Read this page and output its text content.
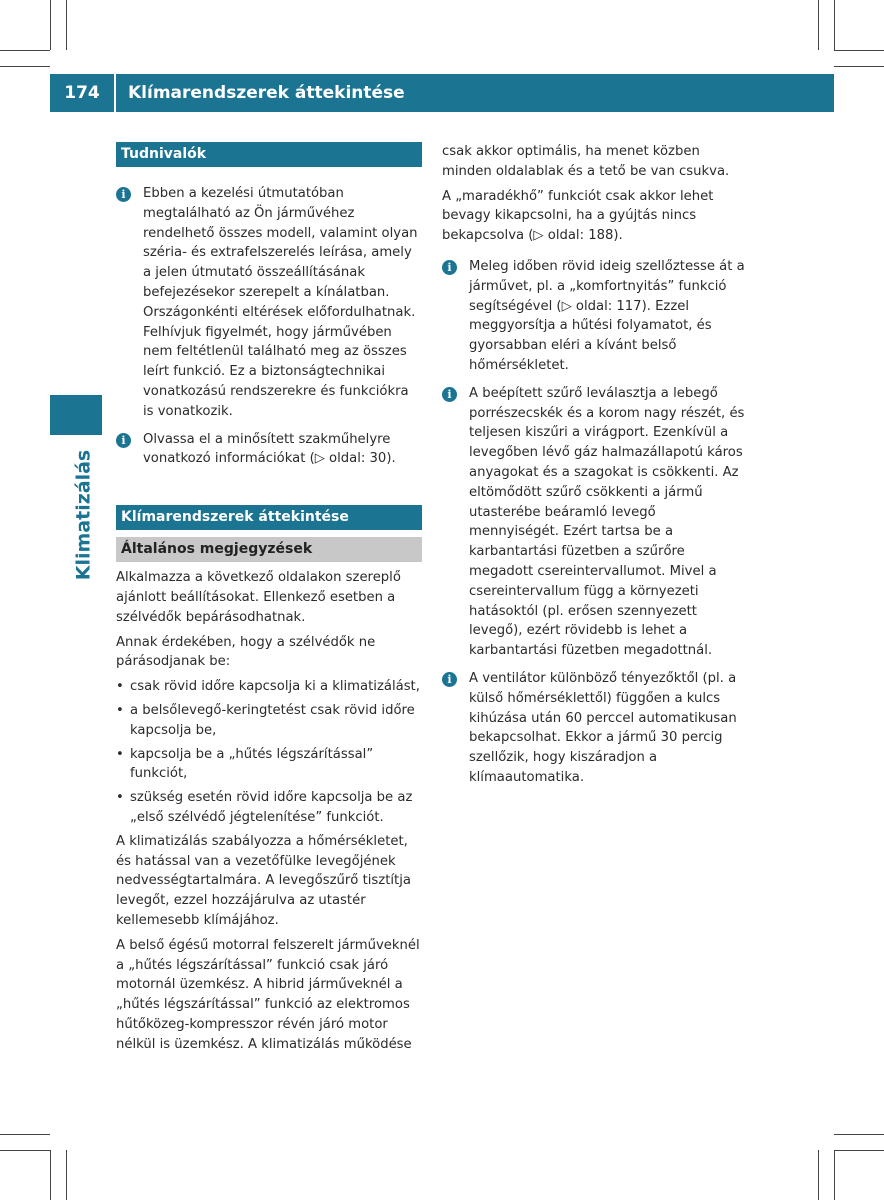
174	Klímarendszerek áttekintése
Klimatizálás
Tudnivalók
i	Ebben a kezelési útmutatóban megtalálható az Ön járművéhez rendelhető összes modell, valamint olyan széria- és extrafelszerelés leírása, amely a jelen útmutató összeállításának befejezésekor szerepelt a kínálatban. Országonkénti eltérések előfordulhatnak. Felhívjuk figyelmét, hogy járművében nem feltétlenül található meg az összes leírt funkció. Ez a biztonságtechnikai vonatkozású rendszerekre és funkciókra is vonatkozik.
i	Olvassa el a minősített szakműhelyre vonatkozó információkat (▷ oldal: 30).
Klímarendszerek áttekintése
Általános megjegyzések

Alkalmazza a következő oldalakon szereplő ajánlott beállításokat. Ellenkező esetben a szélvédők bepárásodhatnak.

Annak érdekében, hogy a szélvédők ne párásodjanak be:

• csak rövid időre kapcsolja ki a klimatizálást,
• a belsőlevegő-keringtetést csak rövid időre kapcsolja be,
• kapcsolja be a „hűtés légszárítással” funkciót,
• szükség esetén rövid időre kapcsolja be az „első szélvédő jégtelenítése” funkciót.

A klimatizálás szabályozza a hőmérsékletet, és hatással van a vezetőfülke levegőjének nedvességtartalmára. A levegőszűrő tisztítja levegőt, ezzel hozzájárulva az utastér kellemesebb klímájához.

A belső égésű motorral felszerelt járműveknél a „hűtés légszárítással” funkció csak járó motornál üzemkész. A hibrid járműveknél a „hűtés légszárítással” funkció az elektromos hűtőközeg-kompresszor révén járó motor nélkül is üzemkész. A klimatizálás működése

csak akkor optimális, ha menet közben minden oldalablak és a tető be van csukva.

A „maradékhő” funkciót csak akkor lehet bevagy kikapcsolni, ha a gyújtás nincs bekapcsolva (▷ oldal: 188).

i	Meleg időben rövid ideig szellőztesse át a járművet, pl. a „komfortnyitás” funkció segítségével (▷ oldal: 117). Ezzel meggyorsítja a hűtési folyamatot, és gyorsabban eléri a kívánt belső hőmérsékletet.
i	A beépített szűrő leválasztja a lebegő porrészecskék és a korom nagy részét, és teljesen kiszűri a virágport. Ezenkívül a levegőben lévő gáz halmazállapotú káros anyagokat és a szagokat is csökkenti. Az eltömődött szűrő csökkenti a jármű utasterébe beáramló levegő mennyiségét. Ezért tartsa be a karbantartási füzetben a szűrőre megadott csereintervallumot. Mivel a csereintervallum függ a környezeti hatásoktól (pl. erősen szennyezett levegő), ezért rövidebb is lehet a karbantartási füzetben megadottnál.
i	A ventilátor különböző tényezőktől (pl. a külső hőmérséklettől) függően a kulcs kihúzása után 60 perccel automatikusan bekapcsolhat. Ekkor a jármű 30 percig szellőzik, hogy kiszáradjon a klímaautomatika.
